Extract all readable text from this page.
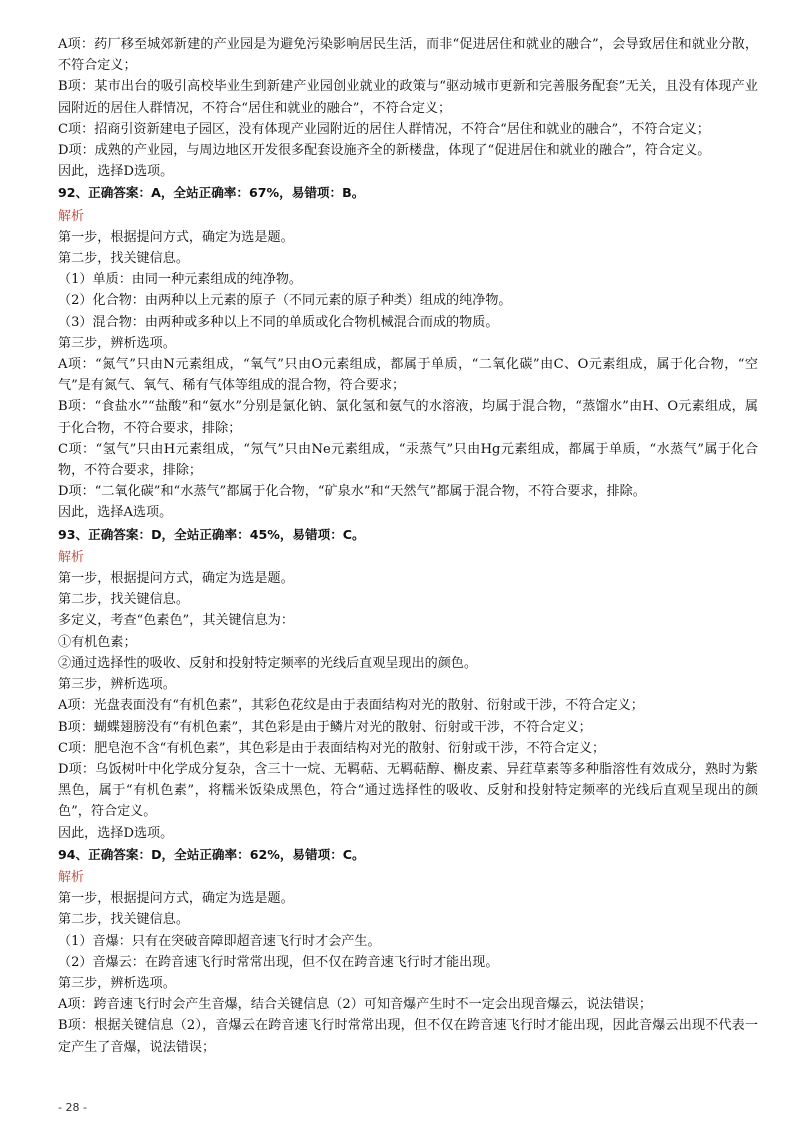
A项：药厂移至城郊新建的产业园是为避免污染影响居民生活，而非“促进居住和就业的融合”，会导致居住和就业分散，不符合定义；

B项：某市出台的吸引高校毕业生到新建产业园创业就业的政策与“驱动城市更新和完善服务配套”无关，且没有体现产业园附近的居住人群情况，不符合“居住和就业的融合”，不符合定义；

C项：招商引资新建电子园区，没有体现产业园附近的居住人群情况，不符合“居住和就业的融合”，不符合定义；

D项：成熟的产业园，与周边地区开发很多配套设施齐全的新楼盘，体现了“促进居住和就业的融合”，符合定义。

因此，选择D选项。

92、正确答案：A，全站正确率：67%，易错项：B。

解析

第一步，根据提问方式，确定为选是题。

第二步，找关键信息。

（1）单质：由同一种元素组成的纯净物。

（2）化合物：由两种以上元素的原子（不同元素的原子种类）组成的纯净物。

（3）混合物：由两种或多种以上不同的单质或化合物机械混合而成的物质。

第三步，辨析选项。

A项：“氮气”只由N元素组成，“氧气”只由O元素组成，都属于单质，“二氧化碳”由C、O元素组成，属于化合物，“空气”是有氮气、氧气、稀有气体等组成的混合物，符合要求；

B项：“食盐水”“盐酸”和“氨水”分别是氯化钠、氯化氢和氨气的水溶液，均属于混合物，“蒸馏水”由H、O元素组成，属于化合物，不符合要求，排除；

C项：“氢气”只由H元素组成，“氖气”只由Ne元素组成，“汞蒸气”只由Hg元素组成，都属于单质，“水蒸气”属于化合物，不符合要求，排除；

D项：“二氧化碳”和“水蒸气”都属于化合物，“矿泉水”和“天然气”都属于混合物，不符合要求，排除。

因此，选择A选项。

93、正确答案：D，全站正确率：45%，易错项：C。

解析

第一步，根据提问方式，确定为选是题。

第二步，找关键信息。

多定义，考查“色素色”，其关键信息为：

①有机色素；

②通过选择性的吸收、反射和投射特定频率的光线后直观呈现出的颜色。

第三步，辨析选项。

A项：光盘表面没有“有机色素”，其彩色花纹是由于表面结构对光的散射、衍射或干涉，不符合定义；

B项：蝴蝶翅膀没有“有机色素”，其色彩是由于鳞片对光的散射、衍射或干涉，不符合定义；

C项：肥皂泡不含“有机色素”，其色彩是由于表面结构对光的散射、衍射或干涉，不符合定义；

D项：乌饭树叶中化学成分复杂，含三十一烷、无羁萜、无羁萜醇、槲皮素、异荭草素等多种脂溶性有效成分，熟时为紫黑色，属于“有机色素”，将糯米饭染成黑色，符合“通过选择性的吸收、反射和投射特定频率的光线后直观呈现出的颜色”，符合定义。

因此，选择D选项。

94、正确答案：D，全站正确率：62%，易错项：C。

解析

第一步，根据提问方式，确定为选是题。

第二步，找关键信息。

（1）音爆：只有在突破音障即超音速飞行时才会产生。

（2）音爆云：在跨音速飞行时常常出现，但不仅在跨音速飞行时才能出现。

第三步，辨析选项。

A项：跨音速飞行时会产生音爆，结合关键信息（2）可知音爆产生时不一定会出现音爆云，说法错误；

B项：根据关键信息（2），音爆云在跨音速飞行时常常出现，但不仅在跨音速飞行时才能出现，因此音爆云出现不代表一定产生了音爆，说法错误；

- 28 -
